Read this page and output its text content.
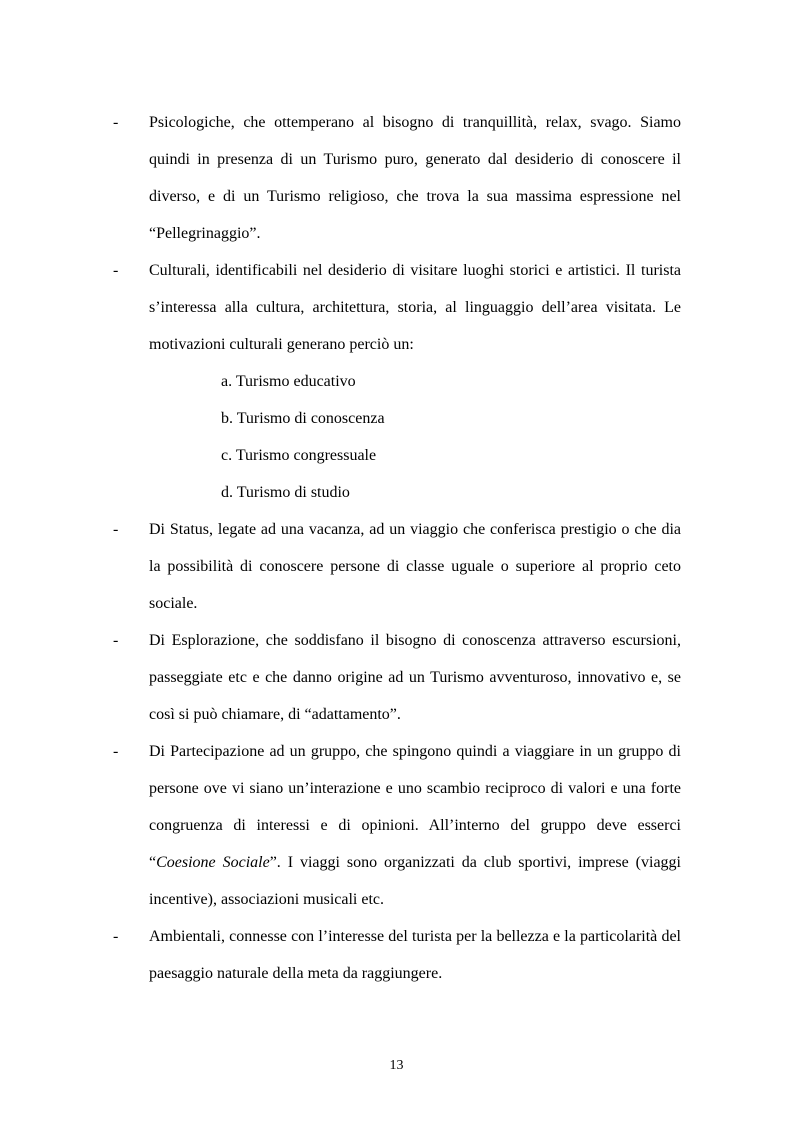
-	Psicologiche, che ottemperano al bisogno di tranquillità, relax, svago. Siamo quindi in presenza di un Turismo puro, generato dal desiderio di conoscere il diverso, e di un Turismo religioso, che trova la sua massima espressione nel “Pellegrinaggio”.

-	Culturali, identificabili nel desiderio di visitare luoghi storici e artistici. Il turista s’interessa alla cultura, architettura, storia, al linguaggio dell’area visitata. Le motivazioni culturali generano perciò un:

a. Turismo educativo

b. Turismo di conoscenza

c. Turismo congressuale

d. Turismo di studio

-	Di Status, legate ad una vacanza, ad un viaggio che conferisca prestigio o che dia la possibilità di conoscere persone di classe uguale o superiore al proprio ceto sociale.

-	Di Esplorazione, che soddisfano il bisogno di conoscenza attraverso escursioni, passeggiate etc e che danno origine ad un Turismo avventuroso, innovativo e, se così si può chiamare, di “adattamento”.

-	Di Partecipazione ad un gruppo, che spingono quindi a viaggiare in un gruppo di persone ove vi siano un’interazione e uno scambio reciproco di valori e una forte congruenza di interessi e di opinioni. All’interno del gruppo deve esserci “Coesione Sociale”. I viaggi sono organizzati da club sportivi, imprese (viaggi incentive), associazioni musicali etc.

-	Ambientali, connesse con l’interesse del turista per la bellezza e la particolarità del paesaggio naturale della meta da raggiungere.

13
